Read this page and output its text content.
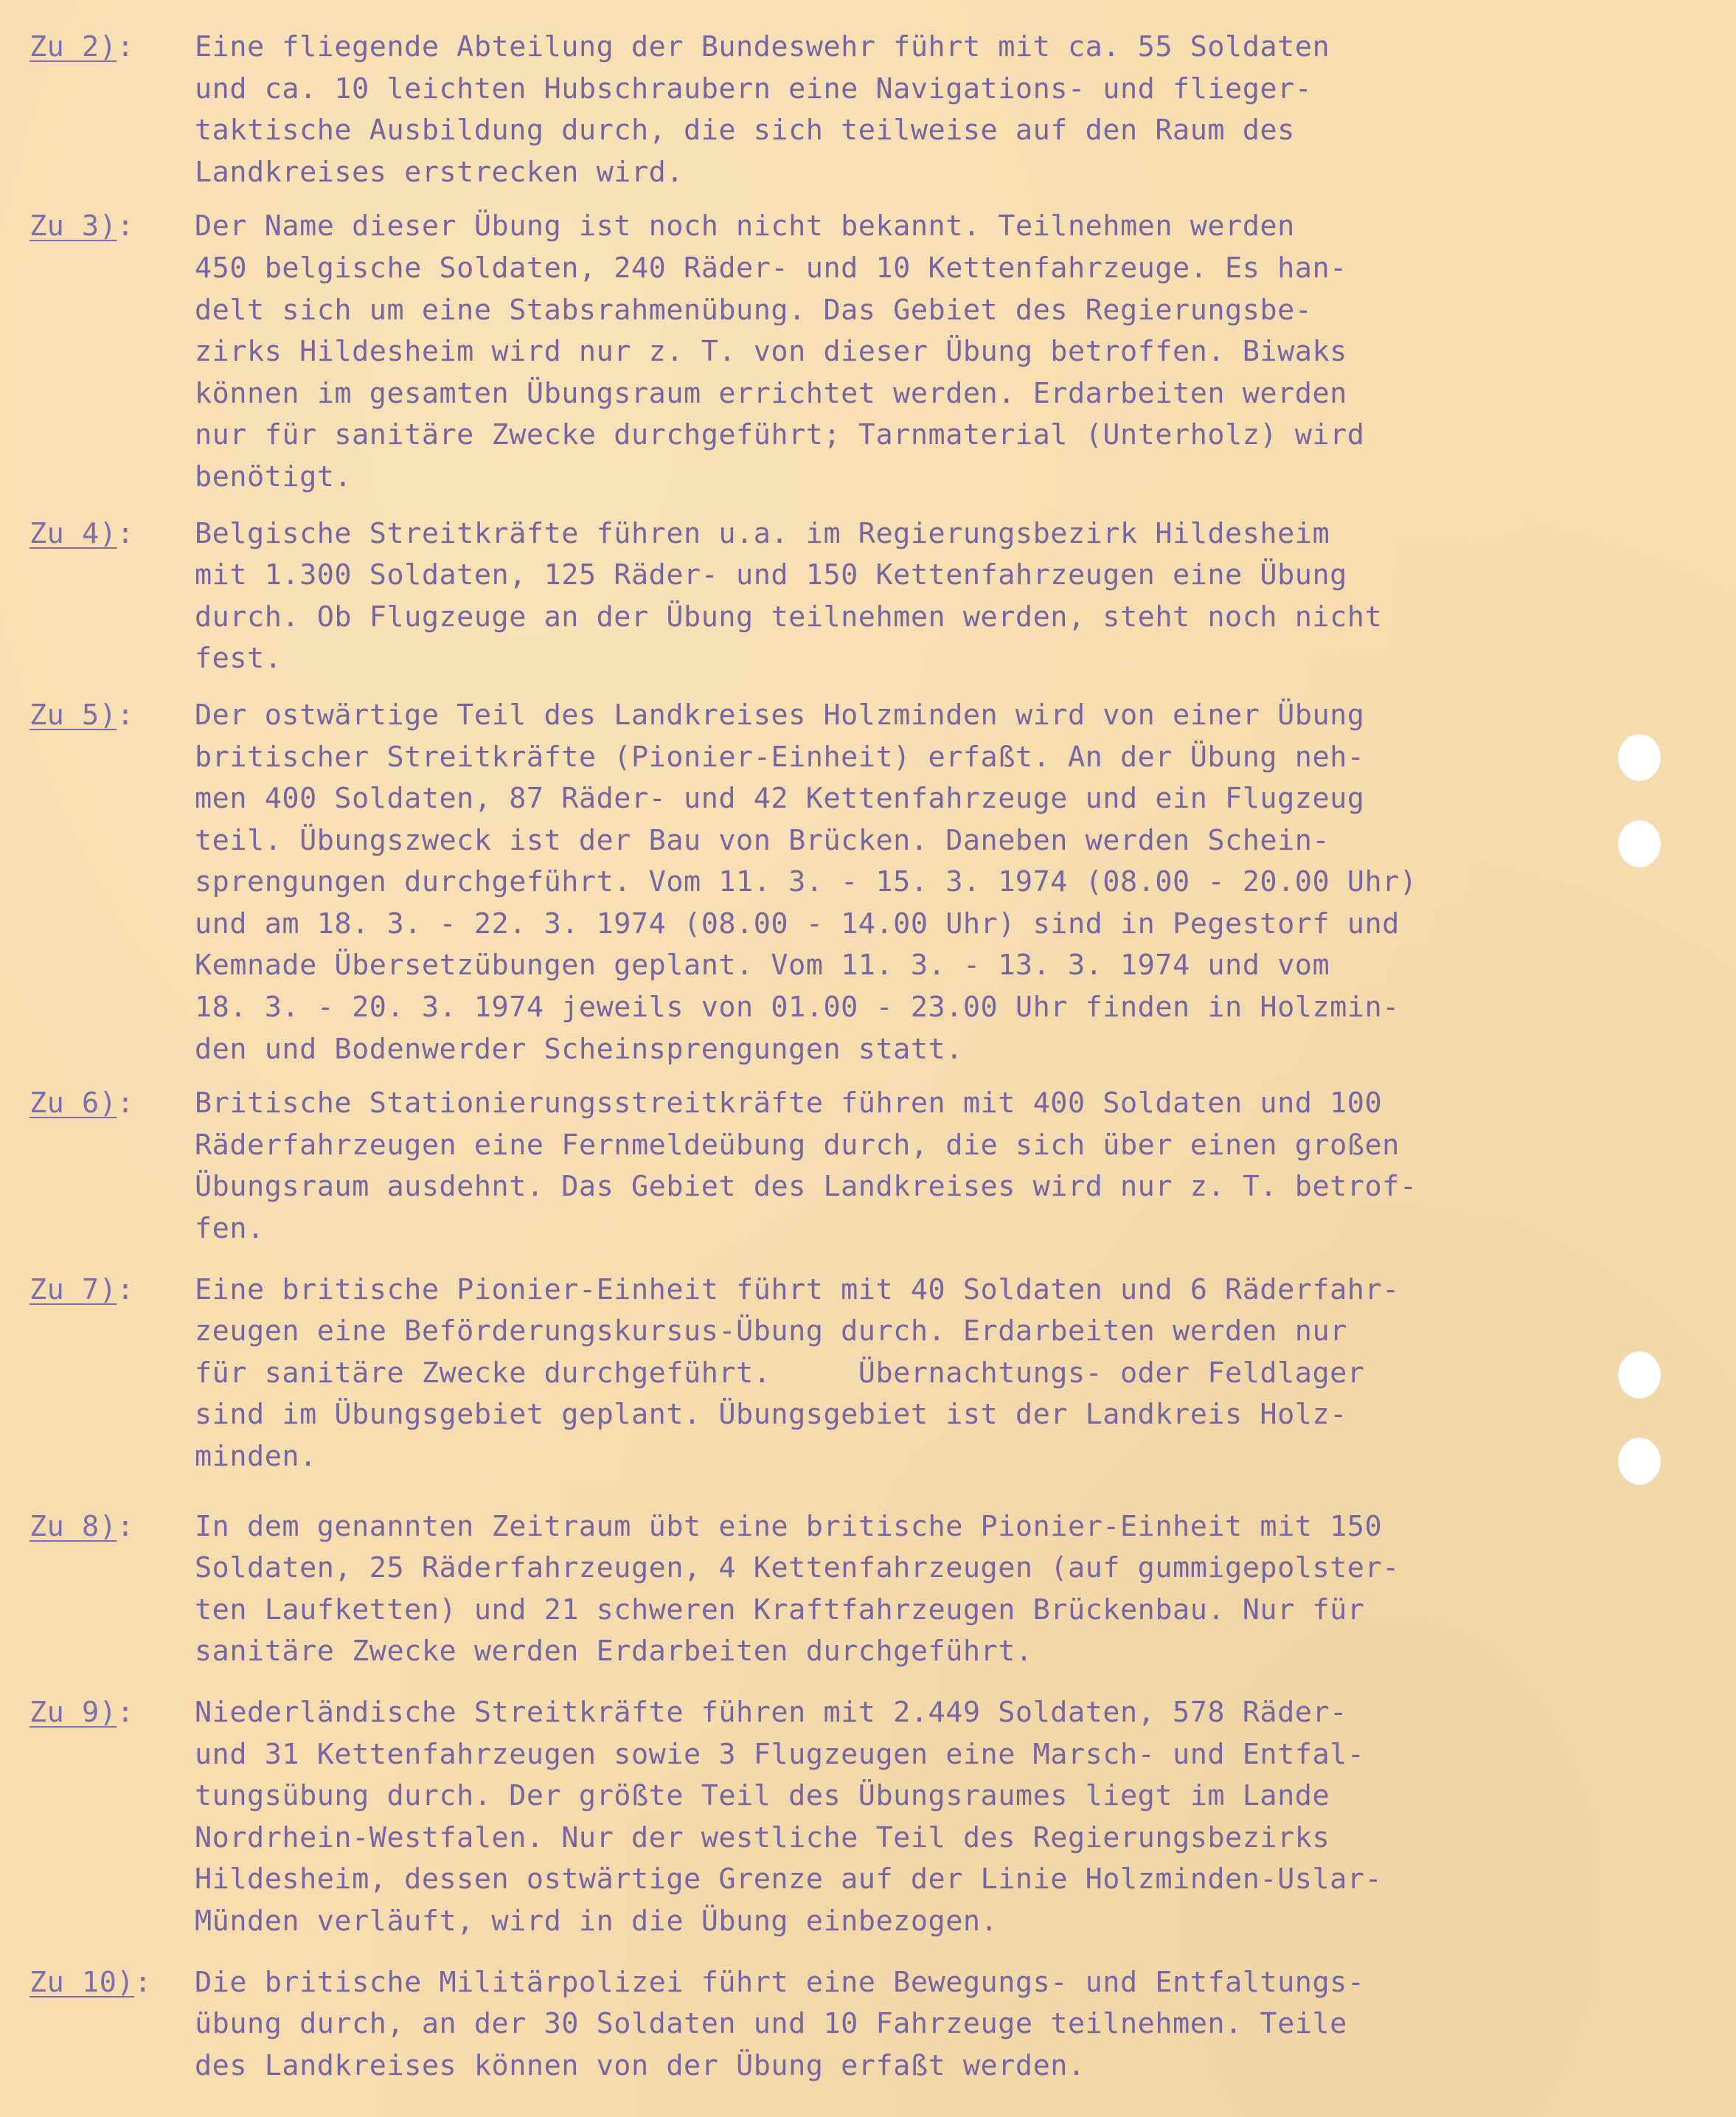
Zu 2):	Eine fliegende Abteilung der Bundeswehr führt mit ca. 55 Soldaten
und ca. 10 leichten Hubschraubern eine Navigations- und flieger-
taktische Ausbildung durch, die sich teilweise auf den Raum des
Landkreises erstrecken wird.
Zu 3):	Der Name dieser Übung ist noch nicht bekannt. Teilnehmen werden
450 belgische Soldaten, 240 Räder- und 10 Kettenfahrzeuge. Es han-
delt sich um eine Stabsrahmenübung. Das Gebiet des Regierungsbe-
zirks Hildesheim wird nur z. T. von dieser Übung betroffen. Biwaks
können im gesamten Übungsraum errichtet werden. Erdarbeiten werden
nur für sanitäre Zwecke durchgeführt; Tarnmaterial (Unterholz) wird
benötigt.
Zu 4):	Belgische Streitkräfte führen u.a. im Regierungsbezirk Hildesheim
mit 1.300 Soldaten, 125 Räder- und 150 Kettenfahrzeugen eine Übung
durch. Ob Flugzeuge an der Übung teilnehmen werden, steht noch nicht
fest.
Zu 5):	Der ostwärtige Teil des Landkreises Holzminden wird von einer Übung
britischer Streitkräfte (Pionier-Einheit) erfaßt. An der Übung neh-
men 400 Soldaten, 87 Räder- und 42 Kettenfahrzeuge und ein Flugzeug
teil. Übungszweck ist der Bau von Brücken. Daneben werden Schein-
sprengungen durchgeführt. Vom 11. 3. - 15. 3. 1974 (08.00 - 20.00 Uhr)
und am 18. 3. - 22. 3. 1974 (08.00 - 14.00 Uhr) sind in Pegestorf und
Kemnade Übersetzübungen geplant. Vom 11. 3. - 13. 3. 1974 und vom
18. 3. - 20. 3. 1974 jeweils von 01.00 - 23.00 Uhr finden in Holzmin-
den und Bodenwerder Scheinsprengungen statt.
Zu 6):	Britische Stationierungsstreitkräfte führen mit 400 Soldaten und 100
Räderfahrzeugen eine Fernmeldeübung durch, die sich über einen großen
Übungsraum ausdehnt. Das Gebiet des Landkreises wird nur z. T. betrof-
fen.
Zu 7):	Eine britische Pionier-Einheit führt mit 40 Soldaten und 6 Räderfahr-
zeugen eine Beförderungskursus-Übung durch. Erdarbeiten werden nur
für sanitäre Zwecke durchgeführt.     Übernachtungs- oder Feldlager
sind im Übungsgebiet geplant. Übungsgebiet ist der Landkreis Holz-
minden.
Zu 8):	In dem genannten Zeitraum übt eine britische Pionier-Einheit mit 150
Soldaten, 25 Räderfahrzeugen, 4 Kettenfahrzeugen (auf gummigepolster-
ten Laufketten) und 21 schweren Kraftfahrzeugen Brückenbau. Nur für
sanitäre Zwecke werden Erdarbeiten durchgeführt.
Zu 9):	Niederländische Streitkräfte führen mit 2.449 Soldaten, 578 Räder-
und 31 Kettenfahrzeugen sowie 3 Flugzeugen eine Marsch- und Entfal-
tungsübung durch. Der größte Teil des Übungsraumes liegt im Lande
Nordrhein-Westfalen. Nur der westliche Teil des Regierungsbezirks
Hildesheim, dessen ostwärtige Grenze auf der Linie Holzminden-Uslar-
Münden verläuft, wird in die Übung einbezogen.
Zu 10):	Die britische Militärpolizei führt eine Bewegungs- und Entfaltungs-
übung durch, an der 30 Soldaten und 10 Fahrzeuge teilnehmen. Teile
des Landkreises können von der Übung erfaßt werden.
